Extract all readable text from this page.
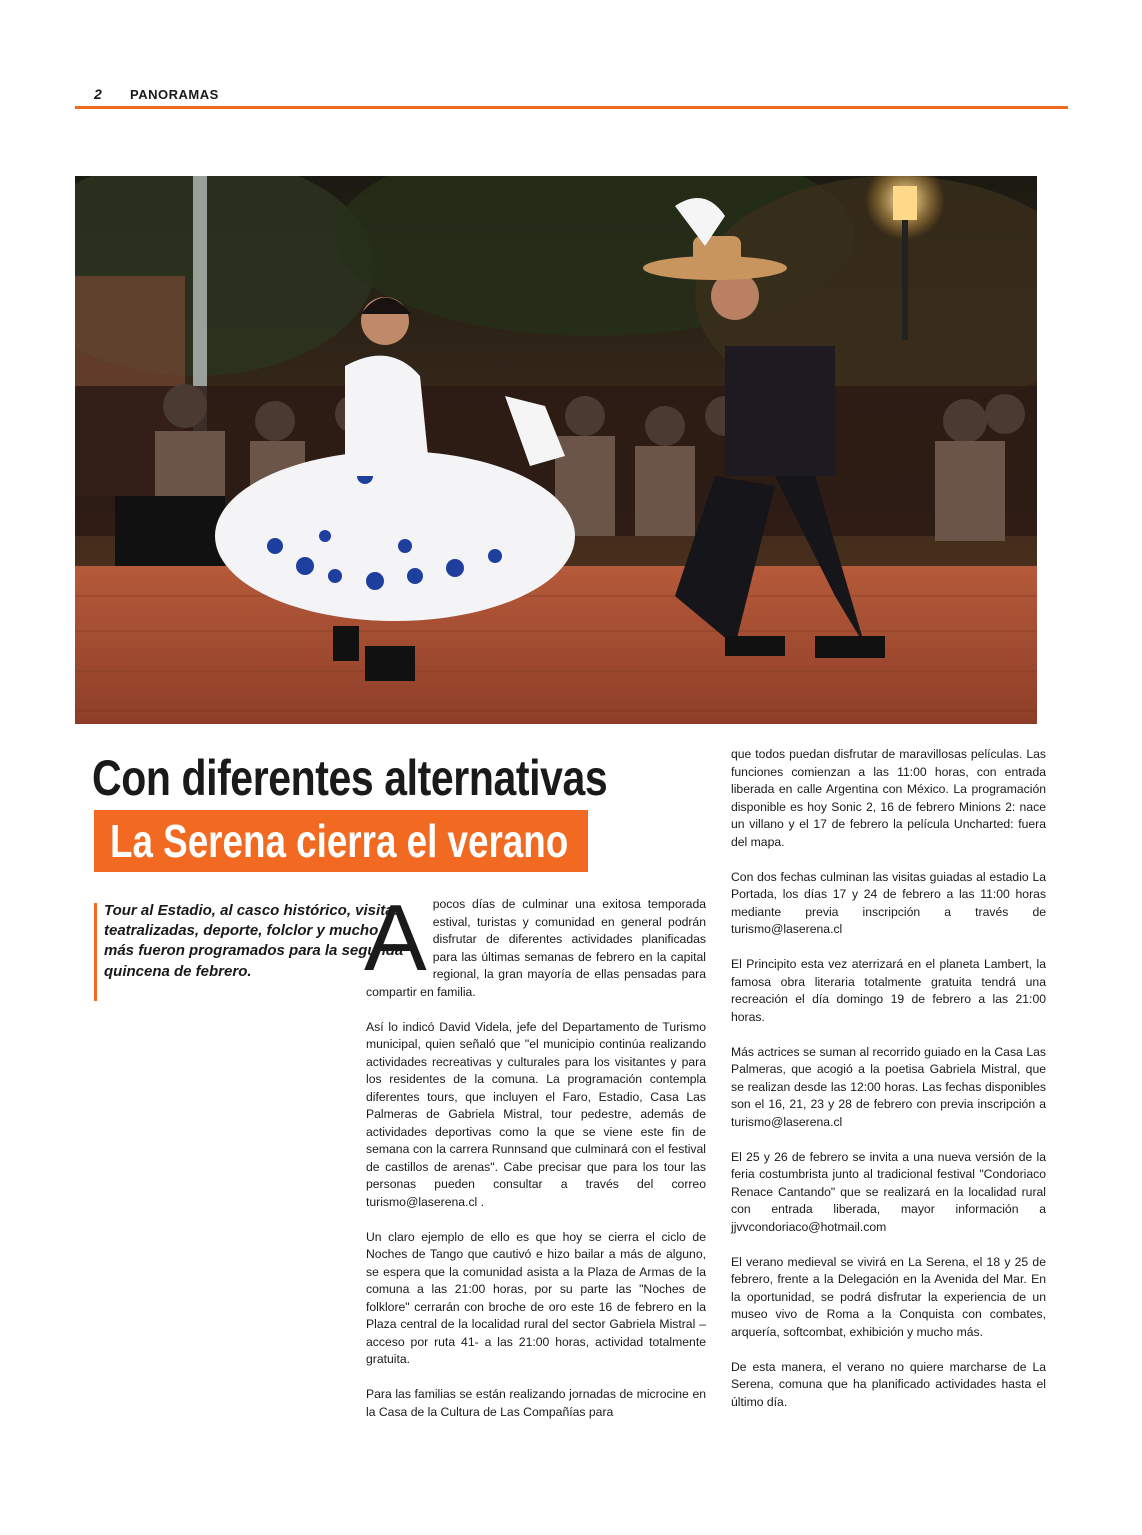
2 PANORAMAS
Con diferentes alternativas
La Serena cierra el verano

Tour al Estadio, al casco histórico, visitas teatralizadas, deporte, folclor y mucho más fueron programados para la segunda quincena de febrero.	Apocos días de culminar una exitosa temporada estival, turistas y comunidad en general podrán disfrutar de diferentes actividades planificadas para las últimas semanas de febrero en la capital regional, la gran mayoría de ellas pensadas para compartir en familia.

Así lo indicó David Videla, jefe del Departamento de Turismo municipal, quien señaló que "el municipio continúa realizando actividades recreativas y culturales para los visitantes y para los residentes de la comuna. La programación contempla diferentes tours, que incluyen el Faro, Estadio, Casa Las Palmeras de Gabriela Mistral, tour pedestre, además de actividades deportivas como la que se viene este fin de semana con la carrera Runnsand que culminará con el festival de castillos de arenas". Cabe precisar que para los tour las personas pueden consultar a través del correo turismo@laserena.cl .

Un claro ejemplo de ello es que hoy se cierra el ciclo de Noches de Tango que cautivó e hizo bailar a más de alguno, se espera que la comunidad asista a la Plaza de Armas de la comuna a las 21:00 horas, por su parte las "Noches de folklore" cerrarán con broche de oro este 16 de febrero en la Plaza central de la localidad rural del sector Gabriela Mistral –acceso por ruta 41- a las 21:00 horas, actividad totalmente gratuita.

Para las familias se están realizando jornadas de microcine en la Casa de la Cultura de Las Compañías para

que todos puedan disfrutar de maravillosas películas. Las funciones comienzan a las 11:00 horas, con entrada liberada en calle Argentina con México. La programación disponible es hoy Sonic 2, 16 de febrero Minions 2: nace un villano y el 17 de febrero la película Uncharted: fuera del mapa.

Con dos fechas culminan las visitas guiadas al estadio La Portada, los días 17 y 24 de febrero a las 11:00 horas mediante previa inscripción a través de turismo@laserena.cl

El Principito esta vez aterrizará en el planeta Lambert, la famosa obra literaria totalmente gratuita tendrá una recreación el día domingo 19 de febrero a las 21:00 horas.

Más actrices se suman al recorrido guiado en la Casa Las Palmeras, que acogió a la poetisa Gabriela Mistral, que se realizan desde las 12:00 horas. Las fechas disponibles son el 16, 21, 23 y 28 de febrero con previa inscripción a turismo@laserena.cl

El 25 y 26 de febrero se invita a una nueva versión de la feria costumbrista junto al tradicional festival "Condoriaco Renace Cantando" que se realizará en la localidad rural con entrada liberada, mayor información a jjvvcondoriaco@hotmail.com

El verano medieval se vivirá en La Serena, el 18 y 25 de febrero, frente a la Delegación en la Avenida del Mar. En la oportunidad, se podrá disfrutar la experiencia de un museo vivo de Roma a la Conquista con combates, arquería, softcombat, exhibición y mucho más.

De esta manera, el verano no quiere marcharse de La Serena, comuna que ha planificado actividades hasta el último día.
